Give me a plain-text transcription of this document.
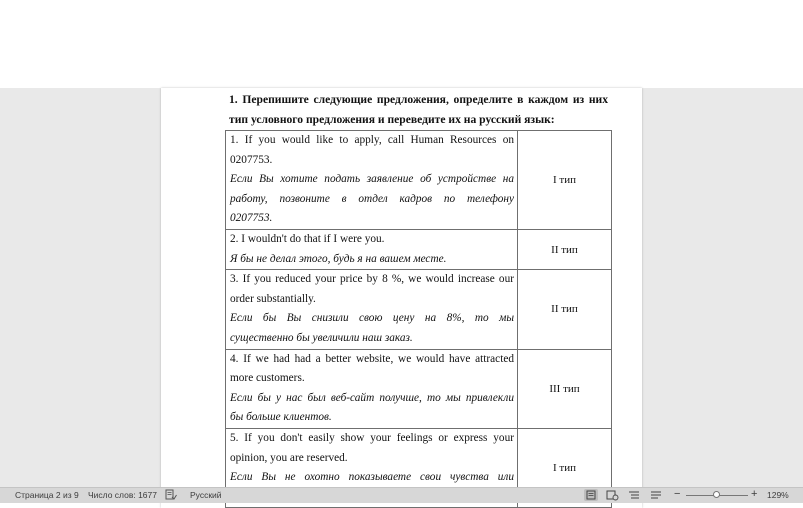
1. Перепишите следующие предложения, определите в каждом из них
тип условного предложения и переведите их на русский язык:
1. If you would like to apply, call Human Resources on
0207753.
Если Вы хотите подать заявление об устройстве на
работу, позвоните в отдел кадров по телефону
0207753.	I тип

2. I wouldn't do that if I were you.
Я бы не делал этого, будь я на вашем месте.	II тип

3. If you reduced your price by 8 %, we would increase our
order substantially.
Если бы Вы снизили свою цену на 8%, то мы
существенно бы увеличили наш заказ.	II тип

4. If we had had a better website, we would have attracted
more customers.
Если бы у нас был веб-сайт получше, то мы привлекли
бы больше клиентов.	III тип

5. If you don't easily show your feelings or express your
opinion, you are reserved.
Если Вы не охотно показываете свои чувства или	I тип
Страница 2 из 9 Число слов: 1677	Русский	−	+ 129%
